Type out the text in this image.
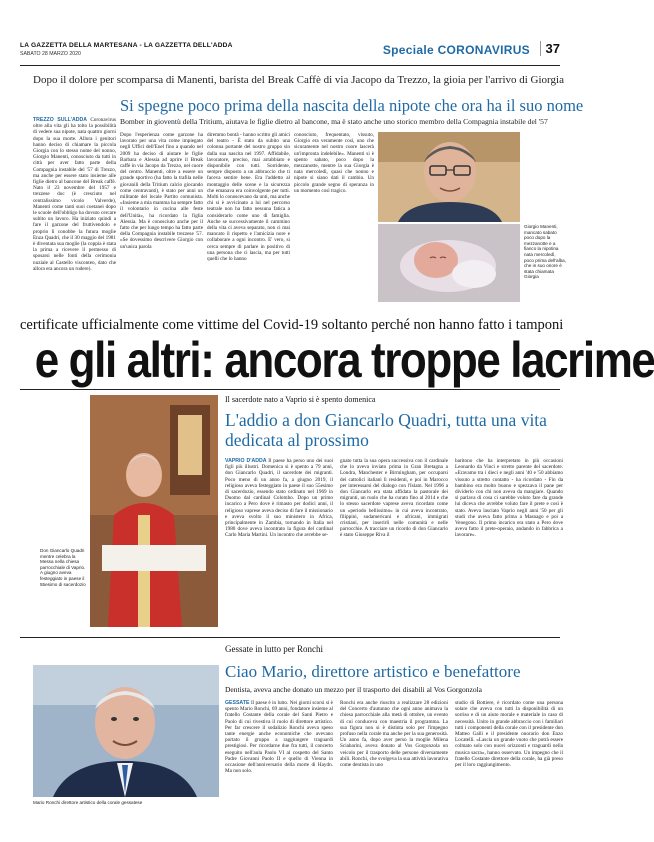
LA GAZZETTA DELLA MARTESANA - LA GAZZETTA DELL'ADDA
SABATO 28 MARZO 2020	Speciale CORONAVIRUS	37
Dopo il dolore per scomparsa di Manenti, barista del Break Caffè di via Jacopo da Trezzo, la gioia per l'arrivo di Giorgia
Si spegne poco prima della nascita della nipote che ora ha il suo nome
Bomber in gioventù della Tritium, aiutava le figlie dietro al bancone, ma è stato anche uno storico membro della Compagnia instabile del '57
TREZZO SULL'ADDA Coronavirus oltre alla vita gli ha tolto la possibilità di vedere sua nipote, nata quattro giorni dopo la sua morte. Allora i genitori hanno deciso di chiamare la piccola Giorgia con lo stesso nome del nonno, Giorgio Manenti, conosciuto da tutti in città per aver fatto parte della Compagnia instabile del '57 di Trezzo, ma anche per essere stato insieme alle figlie dietro al bancone del Break caffè. Nato il 23 novembre del 1957 e trezzese doc (è cresciuto nel centralissimo vicolo Valverde), Manenti come tanti suoi coetanei dopo le scuole dell'obbligo ha dovuto cercare subito un lavoro. Ha iniziato quindi a fare il garzone del fruttivendolo e proprio lì conobbe la futura moglie Enza Quadri, che il 30 maggio del 1981 è diventata sua moglie (la coppia è stata la prima a ricevere il permesso di sposarsi nelle fonti della cerimonia nuziale al Castello visconteo, dato che allora era ancora un rudere).
Dopo l'esperienza come garzone ha lavorato per una vita come impiegato negli Uffici dell'Enel fino a quando nel 2009 ha deciso di aiutare le figlie Barbara e Alessia ad aprire il Break caffè in via Jacopo da Trezzo, nel cuore del centro. Manenti, oltre a essere un grande sportivo (ha fatto la trafila nelle giovanili della Tritium calcio giocando come centravanti), è stato per anni un militante del locale Partito comunista. «Insieme a mia mamma ha sempre fatto il volontario in cucina alle feste dell'Unità», ha ricordato la figlia Alessia. Ma è conosciuto anche per il fatto che per lungo tempo ha fatto parte della Compagnia instabile trezzese '57. «Se dovessimo descrivere Giorgio con un'unica parola
diremmo bontà - hanno scritto gli amici del teatro - È stato da subito una colonna portante del nostro gruppo sin dalla sua nascita nel 1997. Affidabile, lavoratore, preciso, mai arrabbiato e disponibile con tutti. Sorridente, sempre disposto a un abbraccio che ti faceva sentire bene. Era l'addetto al montaggio delle scene e la sicurezza che emanava era coinvolgente per tutti. Molti lo conoscevano da unti, ma anche chi si è avvicinato a lui nel percorso teatrale non ha fatto nessuna fatica a considerarlo come uno di famiglia. Anche se successivamente il cammino della vita ci aveva separato, non ci mai mancato il rispetto e l'amicizia nore e collaborare a ogni incontro. E' vero, si cerca sempre di parlare in positivo di una persona che ci lascia, ma per tutti quelli che lo hanno
conosciuto, frequentato, vissuto, Giorgio era veramente così, uno che sicuramente nel nostro cuore lascerà un'impronta indelebile». Manenti si è spento sabato, poco dopo la mezzanotte, mentre la sua Giorgia è nata mercoledì, quasi che nonno e nipote si siano dati il cambio. Un piccolo grande segno di speranza in un momento così tragico.
Giorgio Manenti, mancato sabato poco dopo la mezzanotte e a fianco la nipotina nata mercoledì, poco prima dell'alba, che in suo onore è stata chiamata Giorgia
certificate ufficialmente come vittime del Covid-19 soltanto perché non hanno fatto i tamponi
e gli altri: ancora troppe lacrime
Don Giancarlo Quadri mentre celebra la Messa nella chiesa parrocchiale di Vaprio. A giugno aveva festeggiato in paese il 55esimo di sacerdozio
Il sacerdote nato a Vaprio si è spento domenica
L'addio a don Giancarlo Quadri, tutta una vita dedicata al prossimo
VAPRIO D'ADDA Il paese ha perso uno dei suoi figli più illustri. Domenica si è spento a 79 anni, don Giancarlo Quadri, il sacerdote dei migranti. Poco meno di un anno fa, a giugno 2019, il religioso aveva festeggiato in paese il suo 55esimo di sacerdozio, essendo stato ordinato nel 1969 in Duomo dal cardinal Colombo. Dopo un primo incarico a Pero dove è rimasto per dodici anni, il religioso vaprese aveva deciso di fare il missionario e aveva svolto il suo ministero in Africa, principalmente in Zambia, tornando in Italia nel 1980 dove aveva incontrato la figura del cardinal Carlo Maria Martini. Un incontro che avrebbe se-
gnato tutta la sua opera successiva con il cardinale che lo aveva inviato prima in Gran Bretagna a Londra, Manchester e Birmingham, per occuparsi dei cattolici italiani lì residenti, e poi in Marocco per interessarsi del dialogo con l'Islam. Nel 1996 a don Giancarlo era stata affidata la pastorale dei migranti, un ruolo che ha curato fino al 2014 e che lo stesso sacerdote vaprese aveva ricordato come un «periodo bellissimo» in cui aveva incontrato, filippini, sudamericani e africani, immigrati cristiani, per inserirli nelle comunità e nelle parrocchie. A tracciare un ricordo di don Giancarlo è stato Giuseppe Riva il
baritono che ha interpretato in più occasioni Leonardo da Vinci e stretto parente del sacerdote. «Eravamo tra i dieci e negli anni '40 e '50 abbiamo vissuto a stretto contatto - ha ricordato - Fin da bambino era molto buono e spezzava il pane per dividerlo con chi non aveva da mangiare. Quando si parlava di cosa ci sarebbe voluto fare da grande lui diceva che avrebbe voluto fare il prete e così è stato. Aveva lasciato Vaprio negli anni '50 per gli studi che aveva fatto prima a Masnago e poi a Venegono. Il primo incarico era stato a Pero dove aveva fatto il prete-operaio, andando in fabbrica a lavorare».
Mario Ronchi direttore artistico della corale gessatese
Gessate in lutto per Ronchi
Ciao Mario, direttore artistico e benefattore
Dentista, aveva anche donato un mezzo per il trasporto dei disabili al Vos Gorgonzola
GESSATE Il paese è in lutto. Nei giorni scorsi si è spento Mario Ronchi, 69 anni, fondatore insieme al fratello Costante della corale del Santi Pietro e Paolo di cui rivestiva il ruolo di direttore artistico. Per far crescere il sodalizio Ronchi aveva speso tante energie anche economiche che avevano portato il gruppo a raggiungere traguardi prestigiosi. Per ricordarne due fra tutti, il concerto eseguito nell'aula Paolo VI al cospetto del Santo Padre Giovanni Paolo II e quello di Vienna in occasione dell'anniversario della morte di Haydn. Ma non solo.
Ronchi era anche riuscito a realizzare 28 edizioni del Concerto d'autunno che ogni anno animava la chiesa parrocchiale alla metà di ottobre, un evento di cui conduceva con maestria il programma. La sua figura non si è distinta solo per l'impegno profuso nella corale ma anche per la sua generosità. Un anno fa, dopo aver perso la moglie Milena Sciabarini, aveva donato al Vos Gorgonzola un veicolo per il trasporto delle persone diversamente abili. Ronchi, che svolgeva la sua attività lavorativa come dentista in uno
studio di Bottiere, è ricordato come una persona solare che aveva con tutti la disponibilità di un sorriso e di un aiuto morale e materiale in caso di necessità. Unito in grande abbraccio con i familiari tutti i componenti della corale con il presidente don Matteo Galli e il presidente onorario don Enzo Locatelli. «Lascia un grande vuoto che potrà essere colmato solo con nuovi orizzonti e traguardi nella musica sacra», hanno osservato. Un impegno che il fratello Costante direttore della corale, ha già preso per il loro raggiungimento.
